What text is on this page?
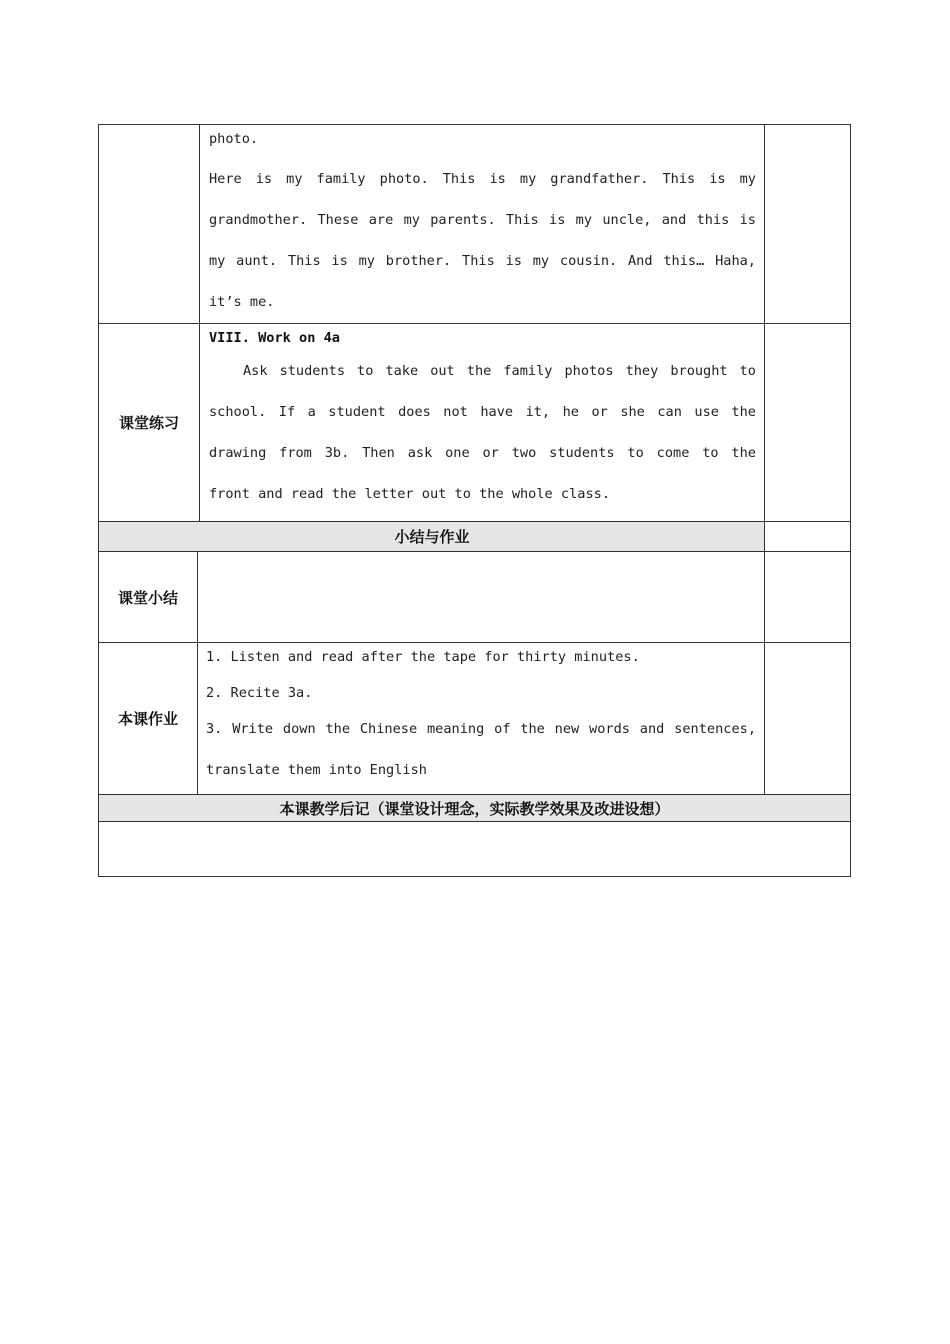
photo.
Here is my family photo. This is my grandfather. This is my
grandmother. These are my parents. This is my uncle, and this is
my aunt. This is my brother. This is my cousin. And this… Haha,
it’s me.
课堂练习
VIII. Work on 4a
Ask students to take out the family photos they brought to
school. If a student does not have it, he or she can use the
drawing from 3b. Then ask one or two students to come to the
front and read the letter out to the whole class.
小结与作业
课堂小结
本课作业
1. Listen and read after the tape for thirty minutes.
2. Recite 3a.
3. Write down the Chinese meaning of the new words and sentences,
translate them into English
本课教学后记（课堂设计理念，实际教学效果及改进设想）
